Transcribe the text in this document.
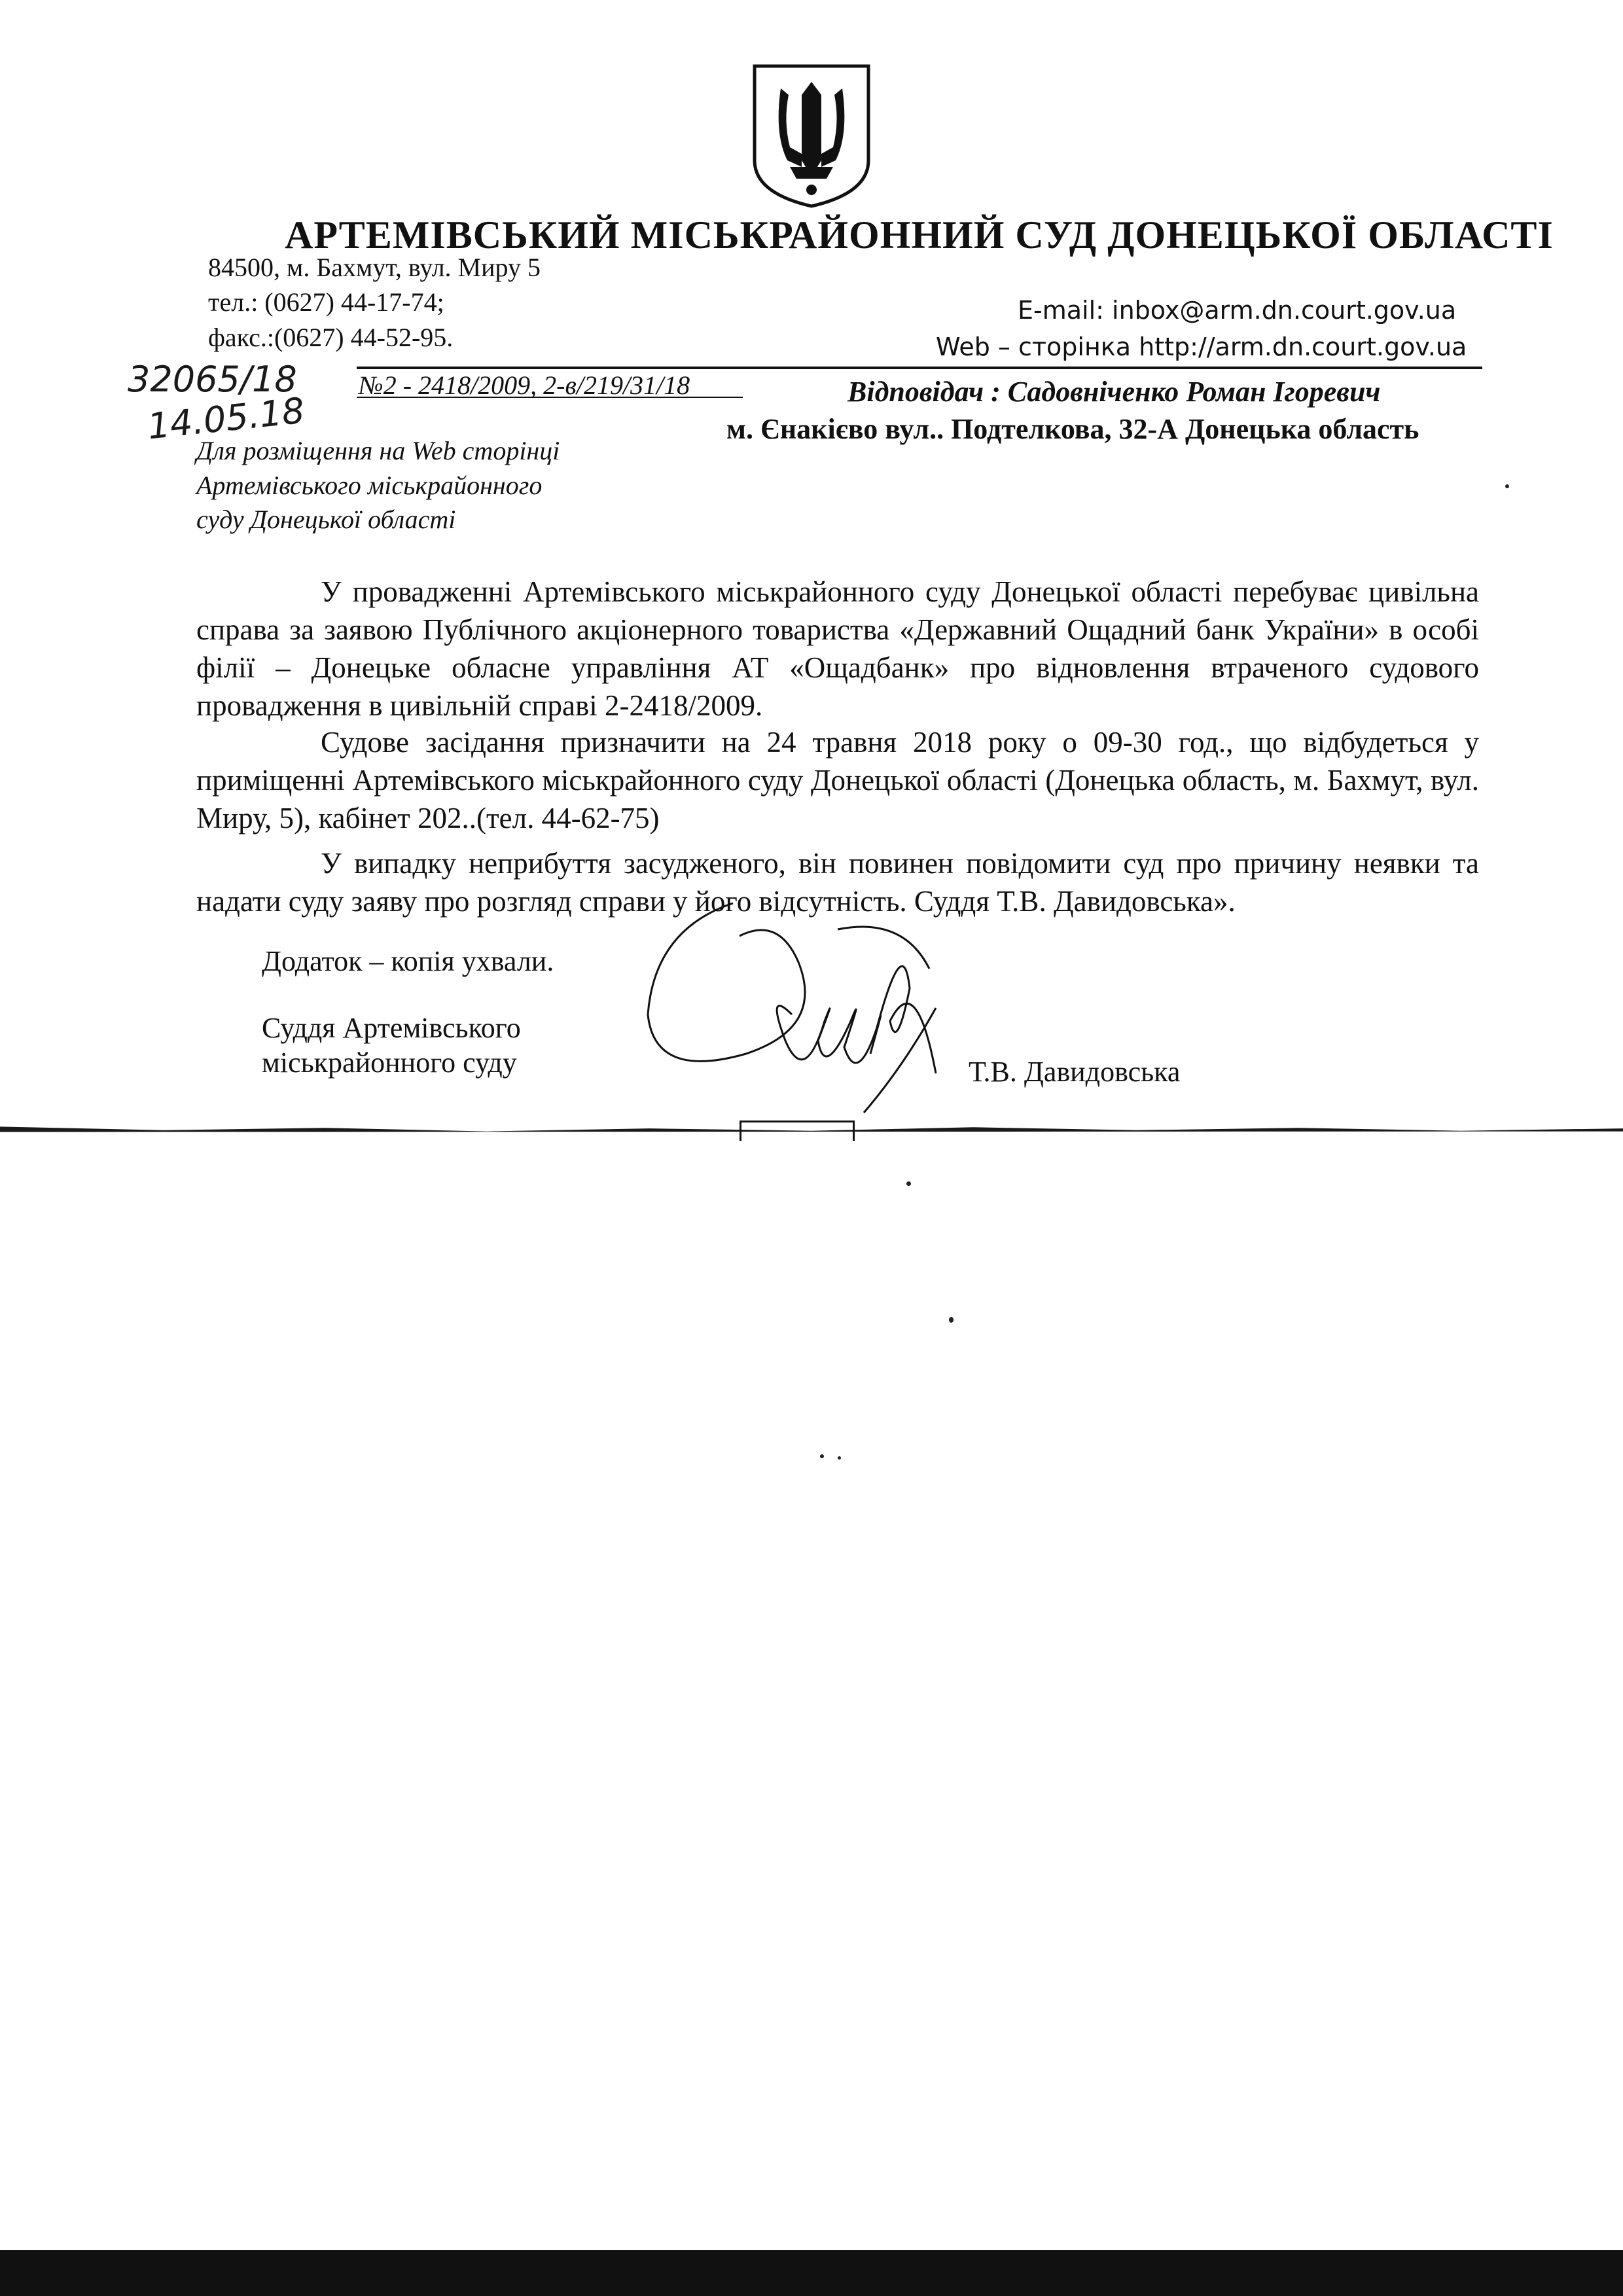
АРТЕМІВСЬКИЙ МІСЬКРАЙОННИЙ СУД ДОНЕЦЬКОЇ ОБЛАСТІ
84500, м. Бахмут, вул. Миру 5
тел.: (0627) 44-17-74;
факс.:(0627) 44-52-95.
E-mail: inbox@arm.dn.court.gov.ua
Web – сторінка http://arm.dn.court.gov.ua
32065/18
14.05.18
№2 - 2418/2009, 2-в/219/31/18	Відповідач : Садовніченко Роман Ігоревич
м. Єнакієво вул.. Подтелкова, 32-А Донецька область
Для розміщення на Web сторінці
Артемівського міськрайонного
суду Донецької області
У провадженні Артемівського міськрайонного суду Донецької області перебуває цивільна справа за заявою Публічного акціонерного товариства «Державний Ощадний банк України» в особі філії – Донецьке обласне управління АТ «Ощадбанк» про відновлення втраченого судового провадження в цивільній справі 2-2418/2009.
Судове засідання призначити на 24 травня 2018 року о 09-30 год., що відбудеться у приміщенні Артемівського міськрайонного суду Донецької області (Донецька область, м. Бахмут, вул. Миру, 5), кабінет 202..(тел. 44-62-75)
У випадку неприбуття засудженого, він повинен повідомити суд про причину неявки та надати суду заяву про розгляд справи у його відсутність. Суддя Т.В. Давидовська».
Додаток – копія ухвали.
Суддя Артемівського
міськрайонного суду	Т.В. Давидовська
